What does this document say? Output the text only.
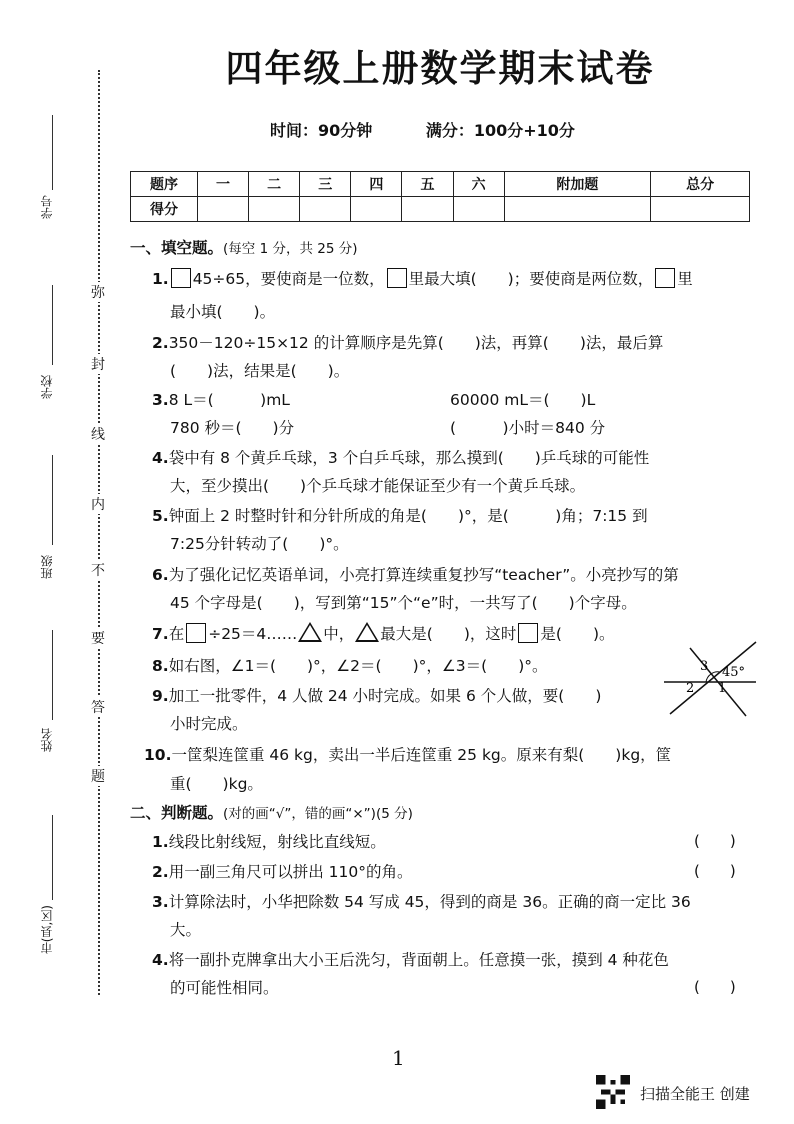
四年级上册数学期末试卷
时间：90分钟	满分：100分+10分
弥
封
线
内
不
要
答
题
学号
学校
班级
姓名
市(县,区)
题序	一	二	三	四	五	六	附加题	总分
得分								
一、填空题。(每空 1 分，共 25 分)
1. 45÷65，要使商是一位数， 里最大填(　　)；要使商是两位数， 里
最小填(　　)。
2.350－120÷15×12 的计算顺序是先算(　　)法，再算(　　)法，最后算
(　　)法，结果是(　　)。
3.8 L＝(　　　)mL	60000 mL＝(　　)L
780 秒＝(　　)分	(　　　)小时＝840 分
4.袋中有 8 个黄乒乓球，3 个白乒乓球，那么摸到(　　)乒乓球的可能性
大，至少摸出(　　)个乒乓球才能保证至少有一个黄乒乓球。
5.钟面上 2 时整时针和分针所成的角是(　　)°，是(　　　)角；7:15 到
7:25分针转动了(　　)°。
6.为了强化记忆英语单词，小亮打算连续重复抄写“teacher”。小亮抄写的第
45 个字母是(　　)，写到第“15”个“e”时，一共写了(　　)个字母。
7.在 ÷25＝4…… 中， 最大是(　　)，这时 是(　　)。
8.如右图，∠1＝(　　)°，∠2＝(　　)°，∠3＝(　　)°。
9.加工一批零件，4 人做 24 小时完成。如果 6 个人做，要(　　)
小时完成。
10.一筐梨连筐重 46 kg，卖出一半后连筐重 25 kg。原来有梨(　　)kg，筐
重(　　)kg。
3 45°
2 1
二、判断题。(对的画“√”，错的画“×”)(5 分)
1.线段比射线短，射线比直线短。	(　　)
2.用一副三角尺可以拼出 110°的角。	(　　)
3.计算除法时，小华把除数 54 写成 45，得到的商是 36。正确的商一定比 36
大。
4.将一副扑克牌拿出大小王后洗匀，背面朝上。任意摸一张，摸到 4 种花色
的可能性相同。	(　　)
1
扫描全能王 创建
